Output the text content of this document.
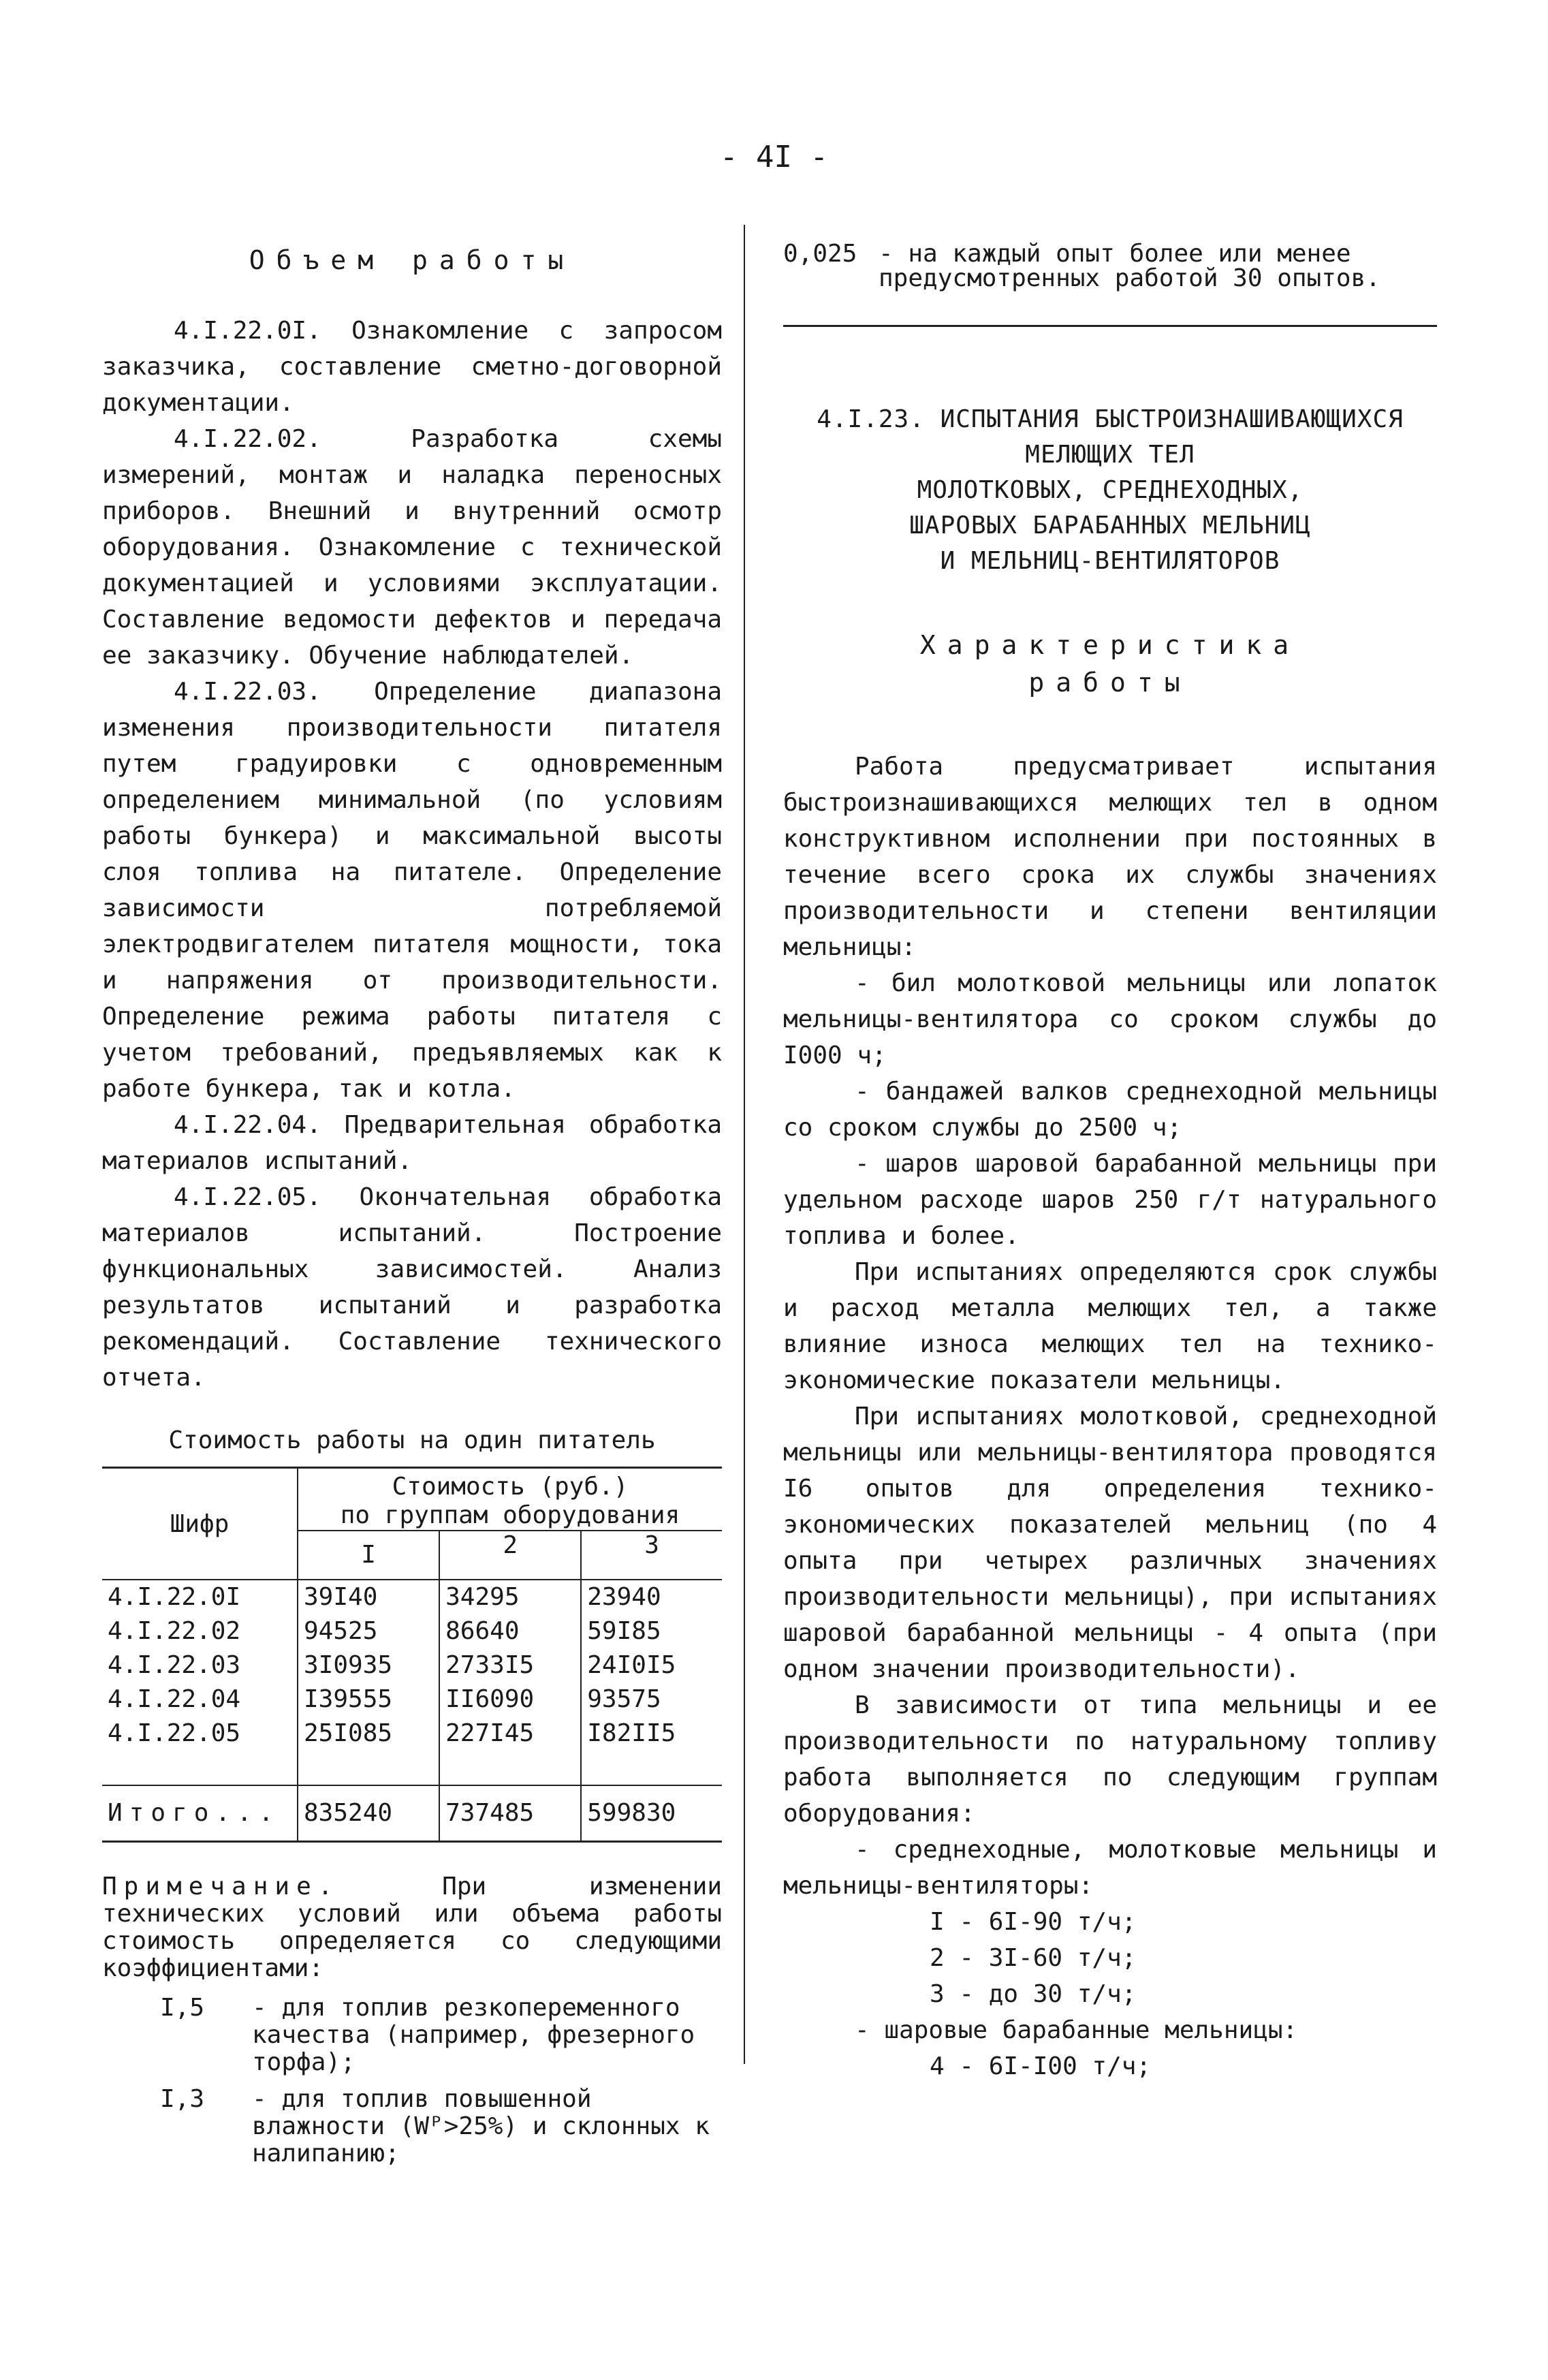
- 4I -
Объем работы

4.I.22.0I. Ознакомление с запросом заказчика, составление сметно-договорной документации.

4.I.22.02. Разработка схемы измерений, монтаж и наладка переносных приборов. Внешний и внутренний осмотр оборудования. Ознакомление с технической документацией и условиями эксплуатации. Составление ведомости дефектов и передача ее заказчику. Обучение наблюдателей.

4.I.22.03. Определение диапазона изменения производительности питателя путем градуировки с одновременным определением минимальной (по условиям работы бункера) и максимальной высоты слоя топлива на питателе. Определение зависимости потребляемой электродвигателем питателя мощности, тока и напряжения от производительности. Определение режима работы питателя с учетом требований, предъявляемых как к работе бункера, так и котла.

4.I.22.04. Предварительная обработка материалов испытаний.

4.I.22.05. Окончательная обработка материалов испытаний. Построение функциональных зависимостей. Анализ результатов испытаний и разработка рекомендаций. Составление технического отчета.

Стоимость работы на один питатель
Шифр	Стоимость (руб.)
по группам оборудования		
	I	2	3
4.I.22.0I	39I40	34295	23940
4.I.22.02	94525	86640	59I85
4.I.22.03	3I0935	2733I5	24I0I5
4.I.22.04	I39555	II6090	93575
4.I.22.05	25I085	227I45	I82II5
Итого...	835240	737485	599830
Примечание.	При изменении технических условий или объема работы стоимость определяется со следующими коэффициентами:
I,5	- для топлив резкопеременного качества (например, фрезерного торфа);
I,3	- для топлив повышенной влажности (Wᴾ>25%) и склонных к налипанию;
0,025 - на каждый опыт более или менее предусмотренных работой 30 опытов.
4.I.23. ИСПЫТАНИЯ БЫСТРОИЗНАШИВАЮЩИХСЯ
МЕЛЮЩИХ ТЕЛ
МОЛОТКОВЫХ, СРЕДНЕХОДНЫХ,
ШАРОВЫХ БАРАБАННЫХ МЕЛЬНИЦ
И МЕЛЬНИЦ-ВЕНТИЛЯТОРОВ
Характеристика
работы

Работа предусматривает испытания быстроизнашивающихся мелющих тел в одном конструктивном исполнении при постоянных в течение всего срока их службы значениях производительности и степени вентиляции мельницы:

- бил молотковой мельницы или лопаток мельницы-вентилятора со сроком службы до I000 ч;

- бандажей валков среднеходной мельницы со сроком службы до 2500 ч;

- шаров шаровой барабанной мельницы при удельном расходе шаров 250 г/т натурального топлива и более.

При испытаниях определяются срок службы и расход металла мелющих тел, а также влияние износа мелющих тел на технико-экономические показатели мельницы.

При испытаниях молотковой, среднеходной мельницы или мельницы-вентилятора проводятся I6 опытов для определения технико-экономических показателей мельниц (по 4 опыта при четырех различных значениях производительности мельницы), при испытаниях шаровой барабанной мельницы - 4 опыта (при одном значении производительности).

В зависимости от типа мельницы и ее производительности по натуральному топливу работа выполняется по следующим группам оборудования:

- среднеходные, молотковые мельницы и мельницы-вентиляторы:

I - 6I-90 т/ч;

2 - 3I-60 т/ч;

3 - до 30 т/ч;

- шаровые барабанные мельницы:

4 - 6I-I00 т/ч;
